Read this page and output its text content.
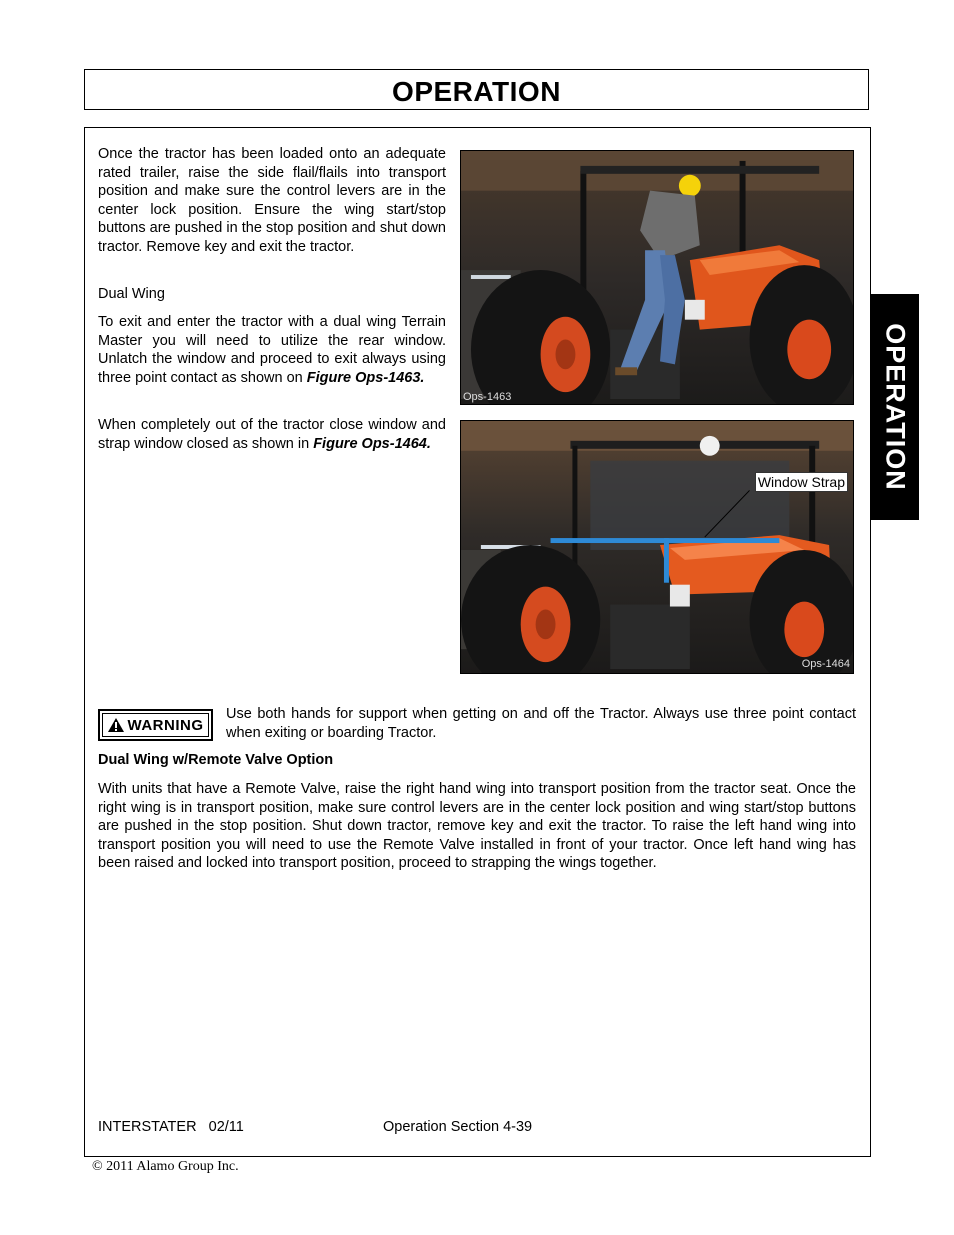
OPERATION
OPERATION

Once the tractor has been loaded onto an adequate rated trailer, raise the side flail/flails into transport position and make sure the control levers are in the center lock position. Ensure the wing start/stop buttons are pushed in the stop position and shut down tractor. Remove key and exit the tractor.

Dual Wing

To exit and enter the tractor with a dual wing Terrain Master you will need to utilize the rear window. Unlatch the window and proceed to exit always using three point contact as shown on Figure Ops-1463.

When completely out of the tractor close window and strap window closed as shown in Figure Ops-1464.

Ops-1463
Window Strap
Ops-1464
WARNING
Use both hands for support when getting on and off the Tractor. Always use three point contact when exiting or boarding Tractor.
Dual Wing w/Remote Valve Option
With units that have a Remote Valve, raise the right hand wing into transport position from the tractor seat. Once the right wing is in transport position, make sure control levers are in the center lock position and wing start/stop buttons are pushed in the stop position. Shut down tractor, remove key and exit the tractor. To raise the left hand wing into transport position you will need to use the Remote Valve installed in front of your tractor. Once left hand wing has been raised and locked into transport position, proceed to strapping the wings together.
INTERSTATER   02/11	Operation Section 4-39
© 2011 Alamo Group Inc.
